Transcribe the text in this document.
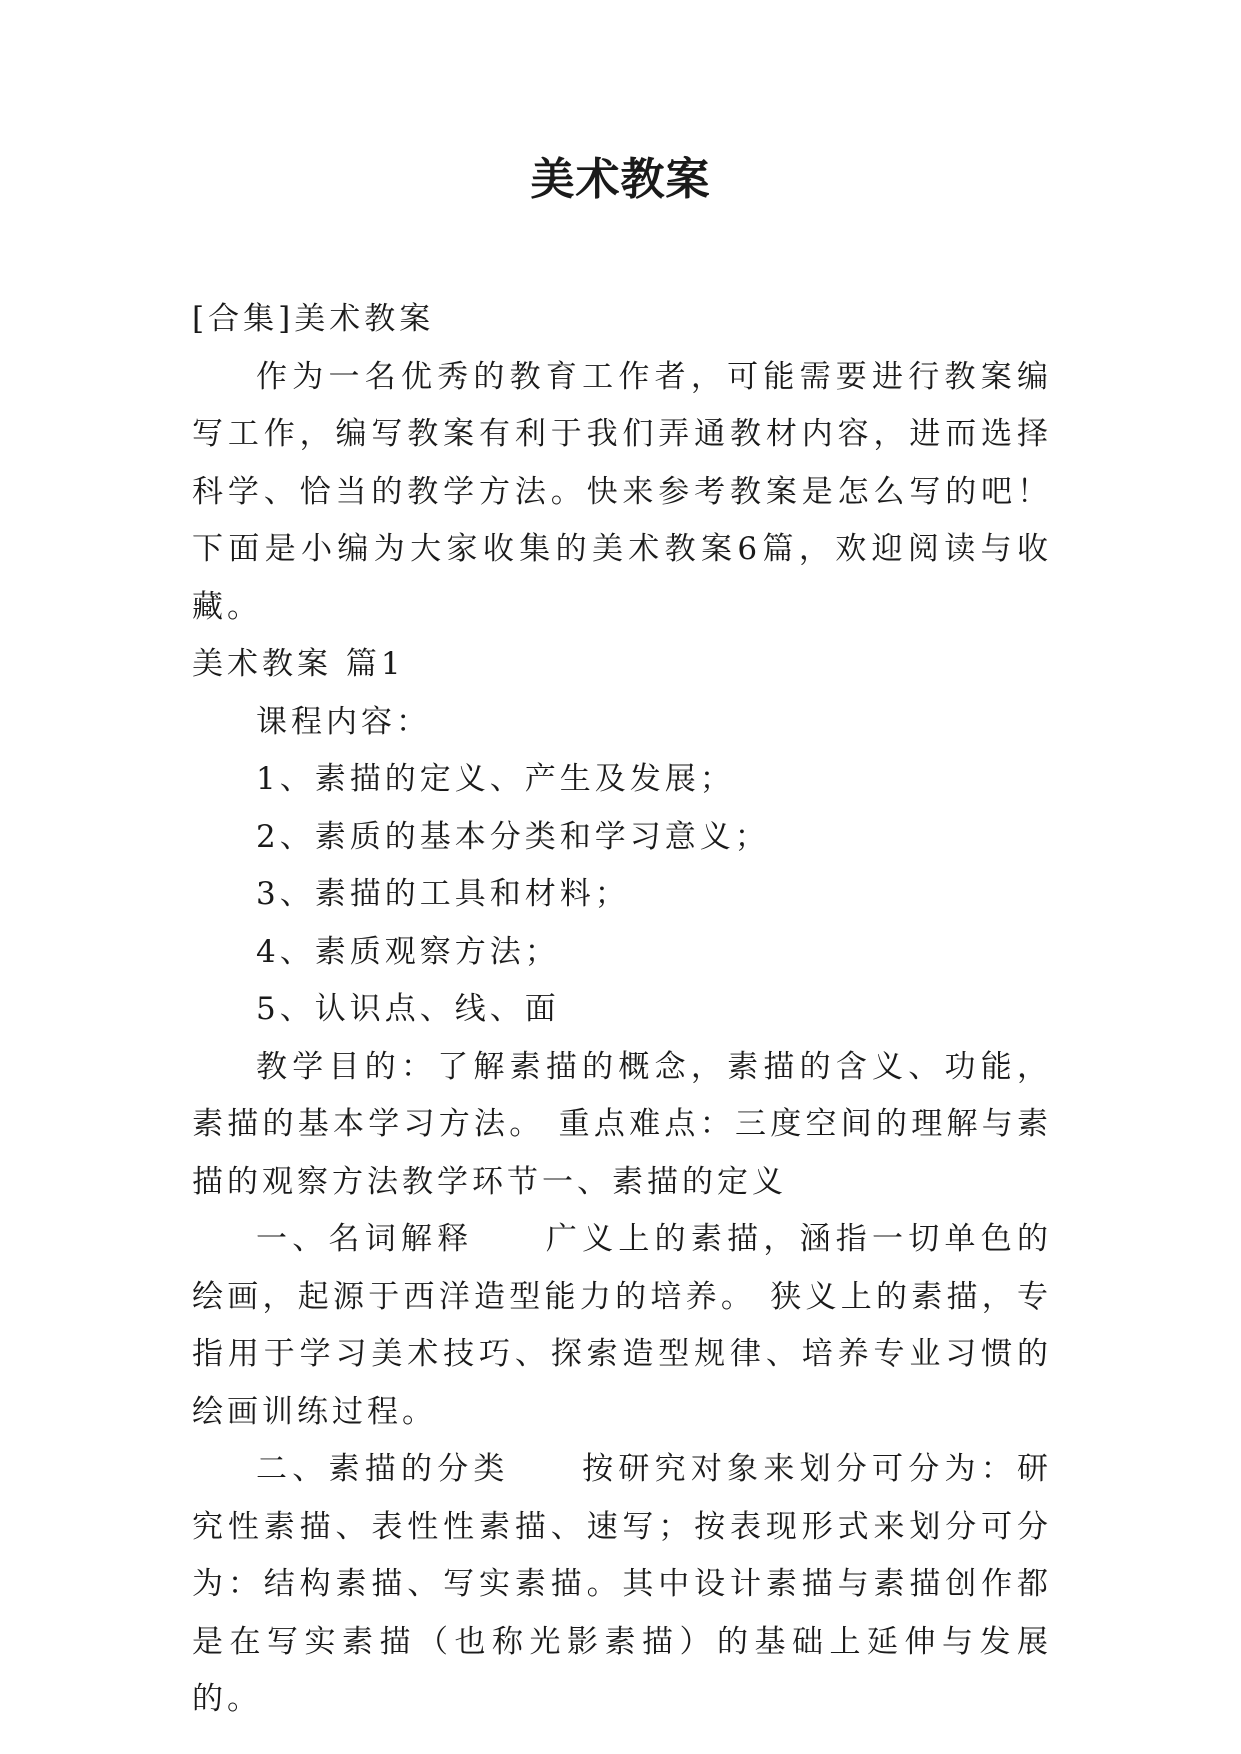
美术教案

[合集]美术教案

作为一名优秀的教育工作者，可能需要进行教案编写工作，编写教案有利于我们弄通教材内容，进而选择科学、恰当的教学方法。快来参考教案是怎么写的吧！下面是小编为大家收集的美术教案6篇，欢迎阅读与收藏。

美术教案 篇1

课程内容：

1、素描的定义、产生及发展；

2、素质的基本分类和学习意义；

3、素描的工具和材料；

4、素质观察方法；

5、认识点、线、面

教学目的：了解素描的概念，素描的含义、功能，素描的基本学习方法。 重点难点：三度空间的理解与素描的观察方法教学环节一、素描的定义

一、名词解释　　广义上的素描，涵指一切单色的绘画，起源于西洋造型能力的培养。 狭义上的素描，专指用于学习美术技巧、探索造型规律、培养专业习惯的绘画训练过程。

二、素描的分类　　按研究对象来划分可分为：研究性素描、表性性素描、速写；按表现形式来划分可分为：结构素描、写实素描。其中设计素描与素描创作都是在写实素描（也称光影素描）的基础上延伸与发展的。
